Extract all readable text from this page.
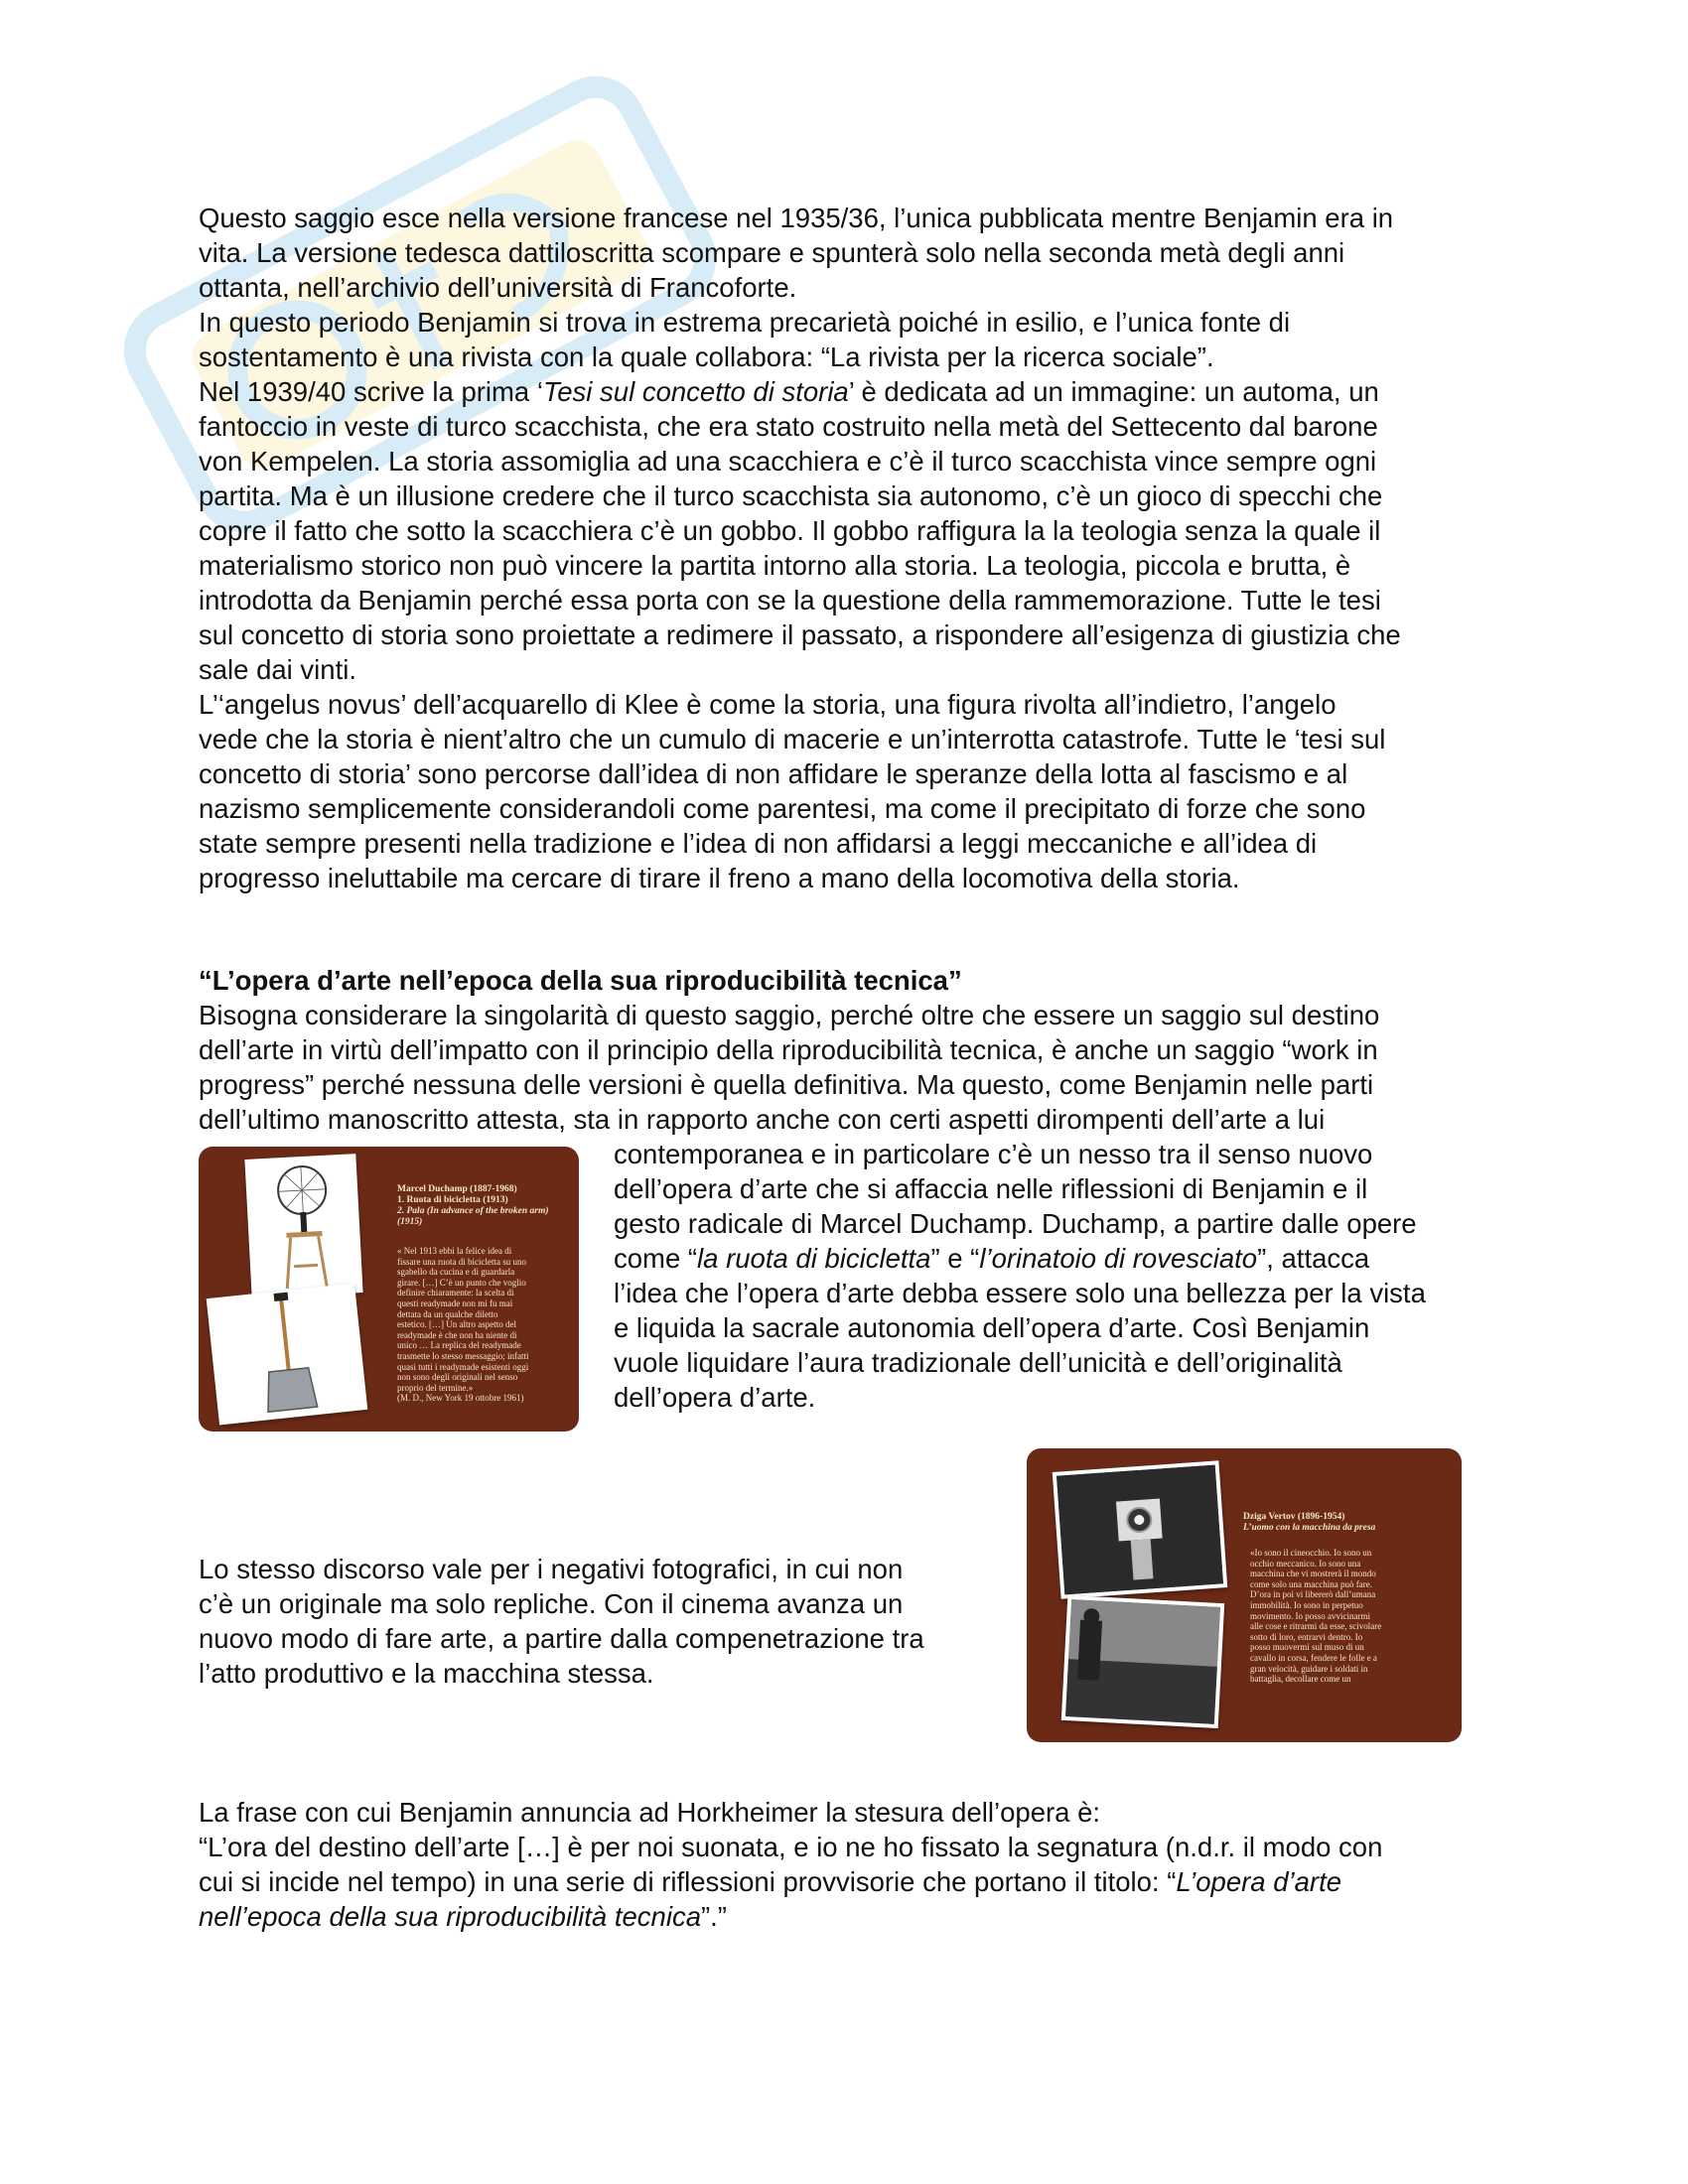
Questo saggio esce nella versione francese nel 1935/36, l’unica pubblicata mentre Benjamin era in

vita. La versione tedesca dattiloscritta scompare e spunterà solo nella seconda metà degli anni

ottanta, nell’archivio dell’università di Francoforte.

In questo periodo Benjamin si trova in estrema precarietà poiché in esilio, e l’unica fonte di

sostentamento è una rivista con la quale collabora: “La rivista per la ricerca sociale”.

Nel 1939/40 scrive la prima ‘Tesi sul concetto di storia’ è dedicata ad un immagine: un automa, un

fantoccio in veste di turco scacchista, che era stato costruito nella metà del Settecento dal barone

von Kempelen. La storia assomiglia ad una scacchiera e c’è il turco scacchista vince sempre ogni

partita. Ma è un illusione credere che il turco scacchista sia autonomo, c’è un gioco di specchi che

copre il fatto che sotto la scacchiera c’è un gobbo. Il gobbo raffigura la la teologia senza la quale il

materialismo storico non può vincere la partita intorno alla storia. La teologia, piccola e brutta, è

introdotta da Benjamin perché essa porta con se la questione della rammemorazione. Tutte le tesi

sul concetto di storia sono proiettate a redimere il passato, a rispondere all’esigenza di giustizia che

sale dai vinti.

L’‘angelus novus’ dell’acquarello di Klee è come la storia, una figura rivolta all’indietro, l’angelo

vede che la storia è nient’altro che un cumulo di macerie e un’interrotta catastrofe. Tutte le ‘tesi sul

concetto di storia’ sono percorse dall’idea di non affidare le speranze della lotta al fascismo e al

nazismo semplicemente considerandoli come parentesi, ma come il precipitato di forze che sono

state sempre presenti nella tradizione e l’idea di non affidarsi a leggi meccaniche e all’idea di

progresso ineluttabile ma cercare di tirare il freno a mano della locomotiva della storia.

“L’opera d’arte nell’epoca della sua riproducibilità tecnica”

Bisogna considerare la singolarità di questo saggio, perché oltre che essere un saggio sul destino

dell’arte in virtù dell’impatto con il principio della riproducibilità tecnica, è anche un saggio “work in

progress” perché nessuna delle versioni è quella definitiva. Ma questo, come Benjamin nelle parti

dell’ultimo manoscritto attesta, sta in rapporto anche con certi aspetti dirompenti dell’arte a lui

contemporanea e in particolare c’è un nesso tra il senso nuovo

dell’opera d’arte che si affaccia nelle riflessioni di Benjamin e il

gesto radicale di Marcel Duchamp. Duchamp, a partire dalle opere

come “la ruota di bicicletta” e “l’orinatoio di rovesciato”, attacca

l’idea che l’opera d’arte debba essere solo una bellezza per la vista

e liquida la sacrale autonomia dell’opera d’arte. Così Benjamin

vuole liquidare l’aura tradizionale dell’unicità e dell’originalità

dell’opera d’arte.

Marcel Duchamp (1887-1968)
1. Ruota di bicicletta (1913)
2. Pala (In advance of the broken arm) (1915)
« Nel 1913 ebbi la felice idea di
fissare una ruota di bicicletta su uno
sgabello da cucina e di guardarla
girare. […] C’è un punto che voglio
definire chiaramente: la scelta di
questi readymade non mi fu mai
dettata da un qualche diletto
estetico. […] Un altro aspetto del
readymade è che non ha niente di
unico … La replica del readymade
trasmette lo stesso messaggio; infatti
quasi tutti i readymade esistenti oggi
non sono degli originali nel senso
proprio del termine.»
(M. D., New York 19 ottobre 1961)

Lo stesso discorso vale per i negativi fotografici, in cui non

c’è un originale ma solo repliche. Con il cinema avanza un

nuovo modo di fare arte, a partire dalla compenetrazione tra

l’atto produttivo e la macchina stessa.

Dziga Vertov (1896-1954)
L’uomo con la macchina da presa
«Io sono il cineocchio. Io sono un
occhio meccanico. Io sono una
macchina che vi mostrerà il mondo
come solo una macchina può fare.
D’ora in poi vi libererò dall’umana
immobilità. Io sono in perpetuo
movimento. Io posso avvicinarmi
alle cose e ritrarmi da esse, scivolare
sotto di loro, entrarvi dentro. Io
posso muovermi sul muso di un
cavallo in corsa, fendere le folle e a
gran velocità, guidare i soldati in
battaglia, decollare come un

La frase con cui Benjamin annuncia ad Horkheimer la stesura dell’opera è:

“L’ora del destino dell’arte […] è per noi suonata, e io ne ho fissato la segnatura (n.d.r. il modo con

cui si incide nel tempo) in una serie di riflessioni provvisorie che portano il titolo: “L’opera d’arte

nell’epoca della sua riproducibilità tecnica”.”
